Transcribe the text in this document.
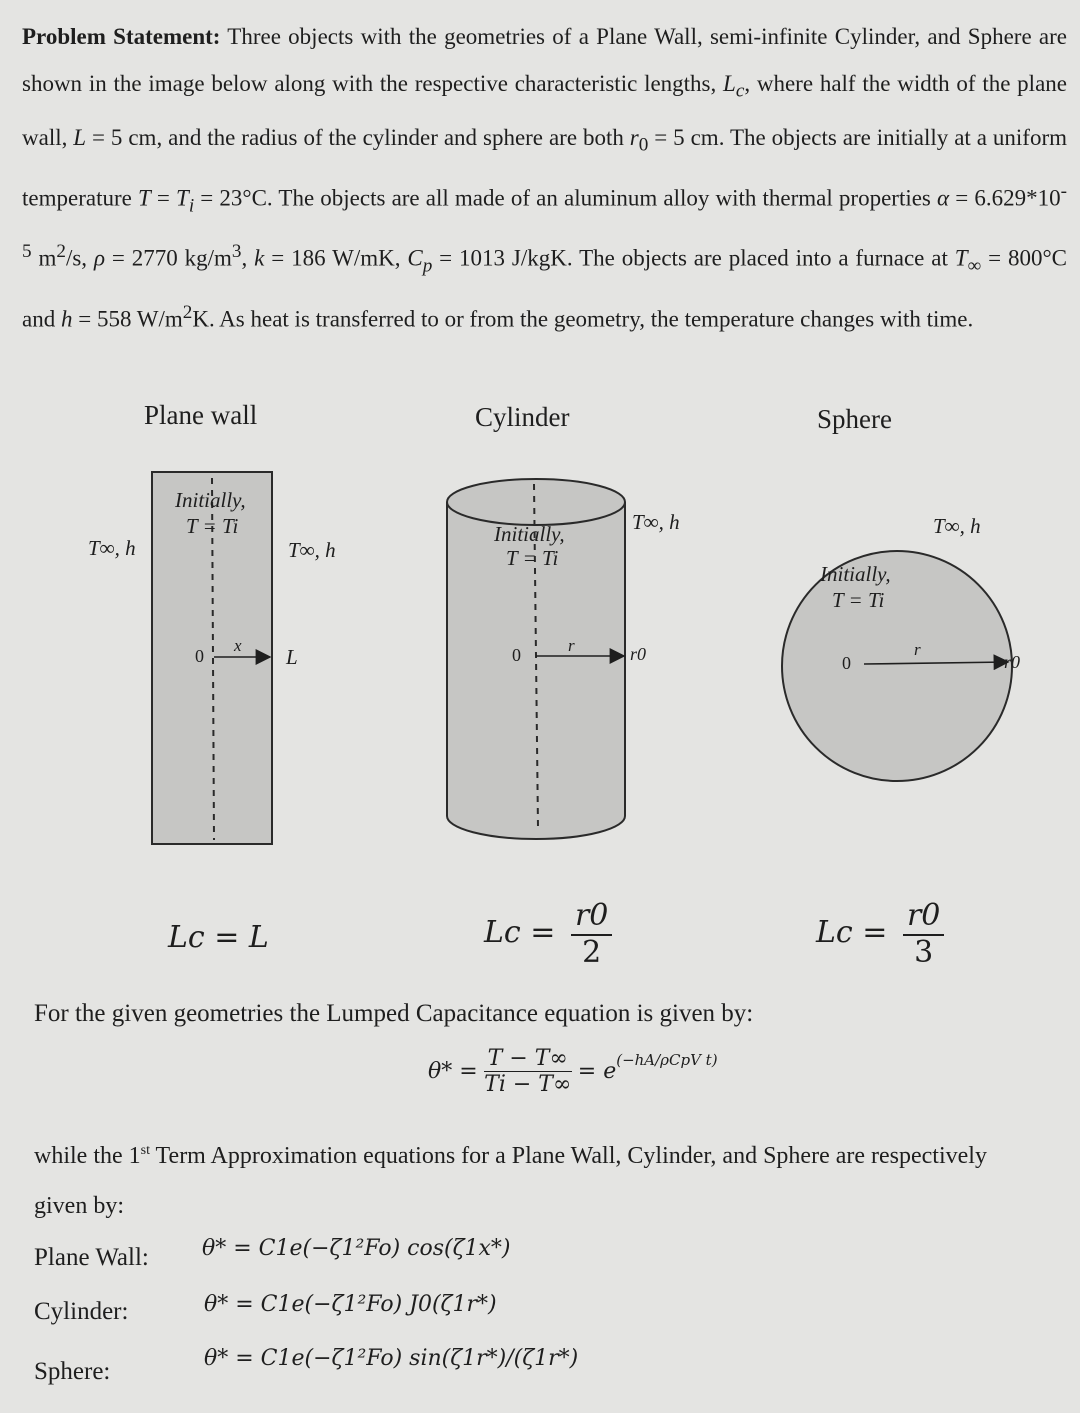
Problem Statement: Three objects with the geometries of a Plane Wall, semi-infinite Cylinder, and Sphere are shown in the image below along with the respective characteristic lengths, $L_c$, where half the width of the plane wall, L = 5 cm, and the radius of the cylinder and sphere are both $r_0 = 5$ cm. The objects are initially at a uniform temperature $T = T_i = 23^\circ C$. The objects are all made of an aluminum alloy with thermal properties $\alpha = 6.629*10^{-5}$ $m^2/s$, ρ = 2770 $kg/m^3$, k = 186 W/mK, $C_p = 1013$ J/kgK. The objects are placed into a furnace at $T_\infty = 800^\circ C$ and h = 558 $W/m^2K$. As heat is transferred to or from the geometry, the temperature changes with time.
Plane wall
T∞, h	T∞, h
Initially,
T = Ti
0
x L
Lc = L
Cylinder
T∞, h
Initially,
T = Ti
0	r	r0
$Lc = \frac{r0}{2}$
Sphere
T∞, h
Initially,
T = Ti
0
r
r0
$Lc = \frac{r0}{3}$
For the given geometries the Lumped Capacitance equation is given by:
$\theta* = \frac{T - T\infty}{Ti - T\infty} = e^{(-hA/\rho CpV t)}$
while the 1st Term Approximation equations for a Plane Wall, Cylinder, and Sphere are respectively given by:
Plane Wall: θ* = C1e(−ζ1²Fo) cos(ζ1x*)
Cylinder:	θ* = C1e(−ζ1²Fo) J0(ζ1r*)
Sphere:	θ* = C1e(−ζ1²Fo) sin(ζ1r*)/(ζ1r*)
